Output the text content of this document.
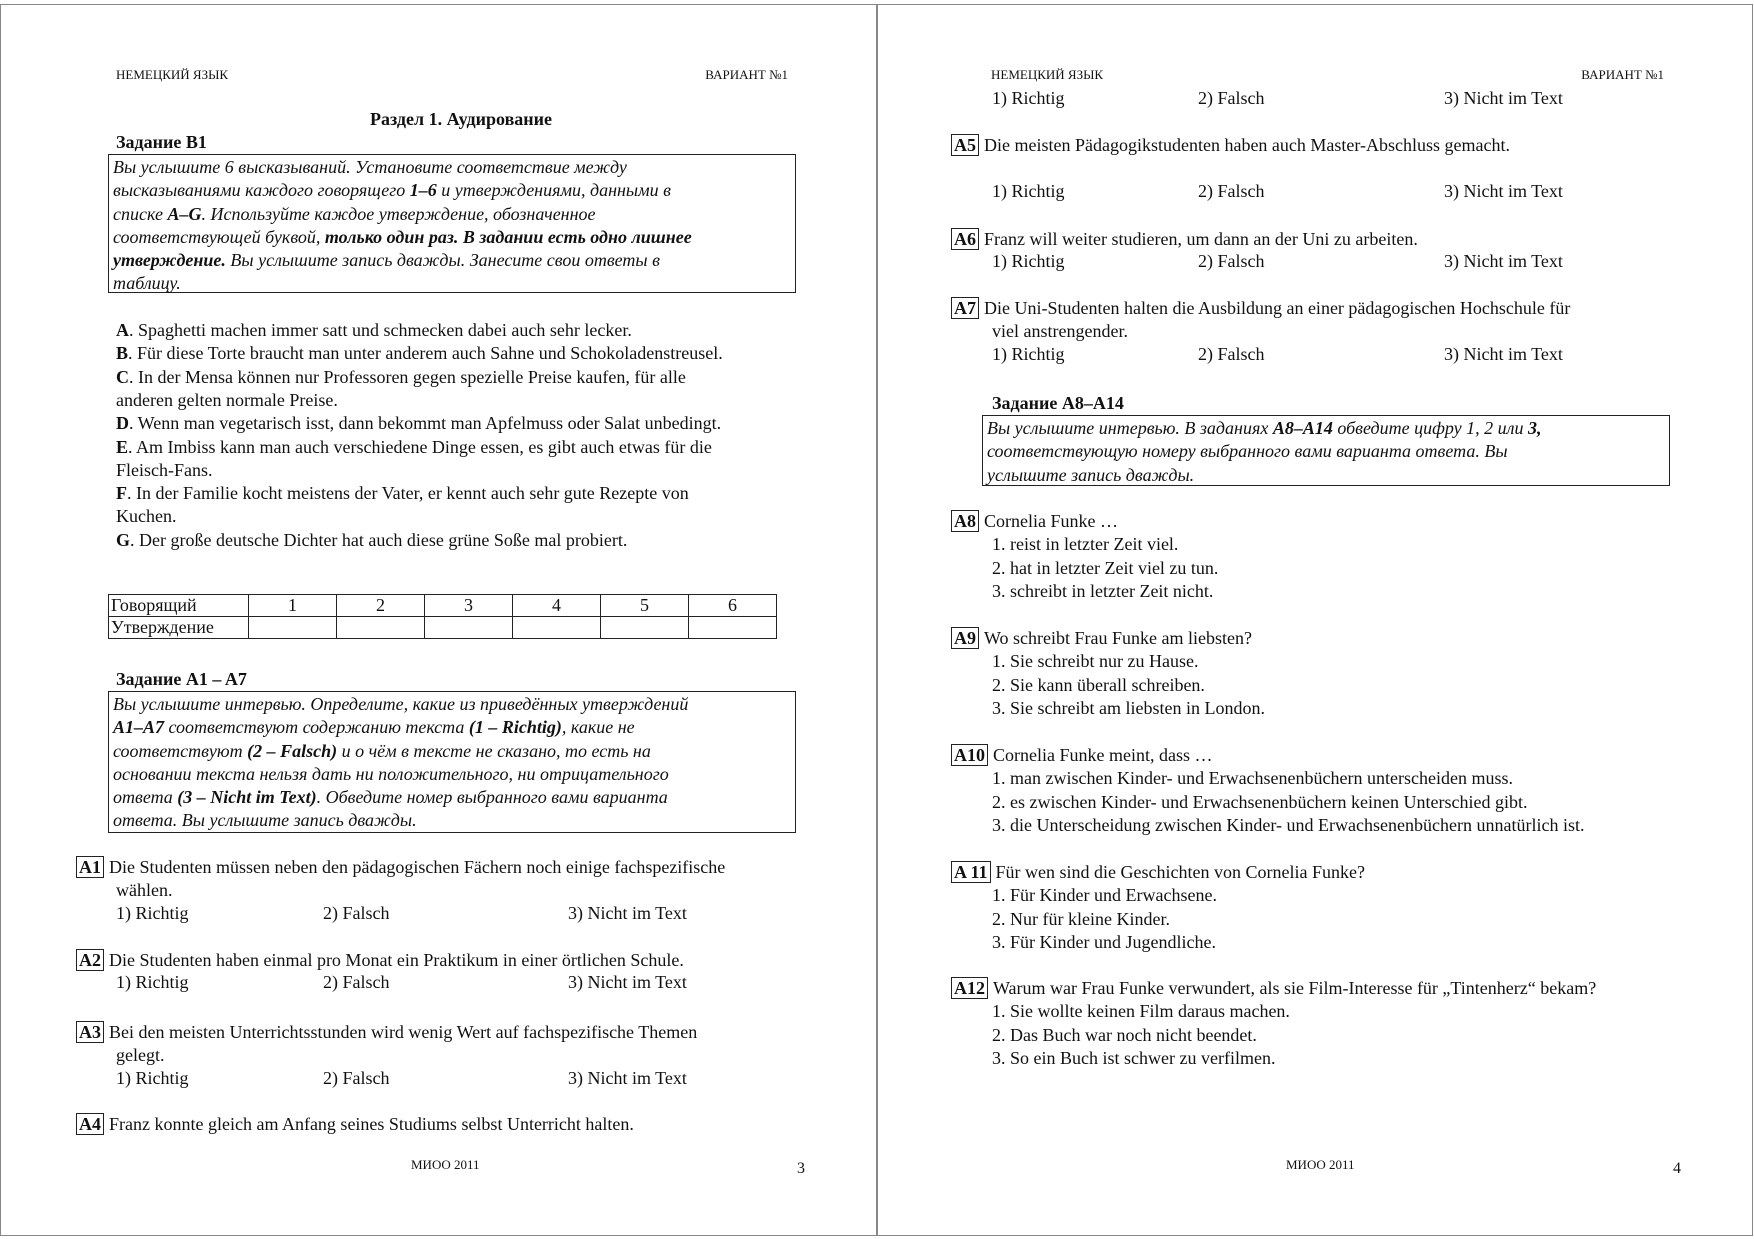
НЕМЕЦКИЙ ЯЗЫК	ВАРИАНТ №1
Раздел 1. Аудирование
Задание B1
Вы услышите 6 высказываний. Установите соответствие между
высказываниями каждого говорящего 1–6 и утверждениями, данными в
списке A–G. Используйте каждое утверждение, обозначенное
соответствующей буквой, только один раз. В задании есть одно лишнее
утверждение. Вы услышите запись дважды. Занесите свои ответы в
таблицу.
A. Spaghetti machen immer satt und schmecken dabei auch sehr lecker.
B. Für diese Torte braucht man unter anderem auch Sahne und Schokoladenstreusel.
C. In der Mensa können nur Professoren gegen spezielle Preise kaufen, für alle
anderen gelten normale Preise.
D. Wenn man vegetarisch isst, dann bekommt man Apfelmuss oder Salat unbedingt.
E. Am Imbiss kann man auch verschiedene Dinge essen, es gibt auch etwas für die
Fleisch-Fans.
F. In der Familie kocht meistens der Vater, er kennt auch sehr gute Rezepte von
Kuchen.
G. Der große deutsche Dichter hat auch diese grüne Soße mal probiert.
Говорящий	1	2	3	4	5	6
Утверждение						
Задание A1 – A7
Вы услышите интервью. Определите, какие из приведённых утверждений
A1–A7 соответствуют содержанию текста (1 – Richtig), какие не
соответствуют (2 – Falsch) и о чём в тексте не сказано, то есть на
основании текста нельзя дать ни положительного, ни отрицательного
ответа (3 – Nicht im Text). Обведите номер выбранного вами варианта
ответа. Вы услышите запись дважды.
A1 Die Studenten müssen neben den pädagogischen Fächern noch einige fachspezifische
wählen.
1) Richtig	2) Falsch	3) Nicht im Text
A2 Die Studenten haben einmal pro Monat ein Praktikum in einer örtlichen Schule.
1) Richtig	2) Falsch	3) Nicht im Text
A3 Bei den meisten Unterrichtsstunden wird wenig Wert auf fachspezifische Themen
gelegt.
1) Richtig	2) Falsch	3) Nicht im Text
A4 Franz konnte gleich am Anfang seines Studiums selbst Unterricht halten.
МИОО 2011	3
НЕМЕЦКИЙ ЯЗЫК	ВАРИАНТ №1
1) Richtig	2) Falsch	3) Nicht im Text
A5 Die meisten Pädagogikstudenten haben auch Master-Abschluss gemacht.
1) Richtig	2) Falsch	3) Nicht im Text
A6 Franz will weiter studieren, um dann an der Uni zu arbeiten.
1) Richtig	2) Falsch	3) Nicht im Text
A7 Die Uni-Studenten halten die Ausbildung an einer pädagogischen Hochschule für
viel anstrengender.
1) Richtig	2) Falsch	3) Nicht im Text
Задание A8–A14
Вы услышите интервью. В заданиях A8–A14 обведите цифру 1, 2 или 3,
соответствующую номеру выбранного вами варианта ответа. Вы
услышите запись дважды.
A8 Cornelia Funke …
1. reist in letzter Zeit viel.
2. hat in letzter Zeit viel zu tun.
3. schreibt in letzter Zeit nicht.
A9 Wo schreibt Frau Funke am liebsten?
1. Sie schreibt nur zu Hause.
2. Sie kann überall schreiben.
3. Sie schreibt am liebsten in London.
A10 Cornelia Funke meint, dass …
1. man zwischen Kinder- und Erwachsenenbüchern unterscheiden muss.
2. es zwischen Kinder- und Erwachsenenbüchern keinen Unterschied gibt.
3. die Unterscheidung zwischen Kinder- und Erwachsenenbüchern unnatürlich ist.
A 11 Für wen sind die Geschichten von Cornelia Funke?
1. Für Kinder und Erwachsene.
2. Nur für kleine Kinder.
3. Für Kinder und Jugendliche.
A12 Warum war Frau Funke verwundert, als sie Film-Interesse für „Tintenherz“ bekam?
1. Sie wollte keinen Film daraus machen.
2. Das Buch war noch nicht beendet.
3. So ein Buch ist schwer zu verfilmen.
МИОО 2011	4
